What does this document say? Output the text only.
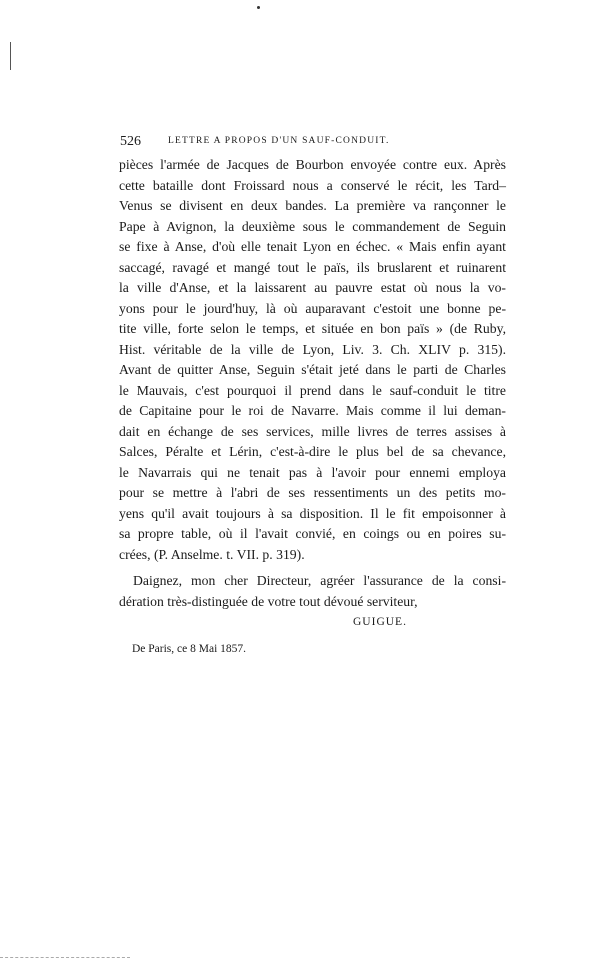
526	LETTRE A PROPOS D'UN SAUF-CONDUIT.
pièces l'armée de Jacques de Bourbon envoyée contre eux. Après
cette bataille dont Froissard nous a conservé le récit, les Tard–
Venus se divisent en deux bandes. La première va rançonner le
Pape à Avignon, la deuxième sous le commandement de Seguin
se fixe à Anse, d'où elle tenait Lyon en échec. « Mais enfin ayant
saccagé, ravagé et mangé tout le païs, ils bruslarent et ruinarent
la ville d'Anse, et la laissarent au pauvre estat où nous la vo-
yons pour le jourd'huy, là où auparavant c'estoit une bonne pe-
tite ville, forte selon le temps, et située en bon païs » (de Ruby,
Hist. véritable de la ville de Lyon, Liv. 3. Ch. XLIV p. 315).
Avant de quitter Anse, Seguin s'était jeté dans le parti de Charles
le Mauvais, c'est pourquoi il prend dans le sauf-conduit le titre
de Capitaine pour le roi de Navarre. Mais comme il lui deman-
dait en échange de ses services, mille livres de terres assises à
Salces, Péralte et Lérin, c'est-à-dire le plus bel de sa chevance,
le Navarrais qui ne tenait pas à l'avoir pour ennemi employa
pour se mettre à l'abri de ses ressentiments un des petits mo-
yens qu'il avait toujours à sa disposition. Il le fit empoisonner à
sa propre table, où il l'avait convié, en coings ou en poires su-
crées, (P. Anselme. t. VII. p. 319).
Daignez, mon cher Directeur, agréer l'assurance de la consi-
dération très-distinguée de votre tout dévoué serviteur,
GUIGUE.
De Paris, ce 8 Mai 1857.
